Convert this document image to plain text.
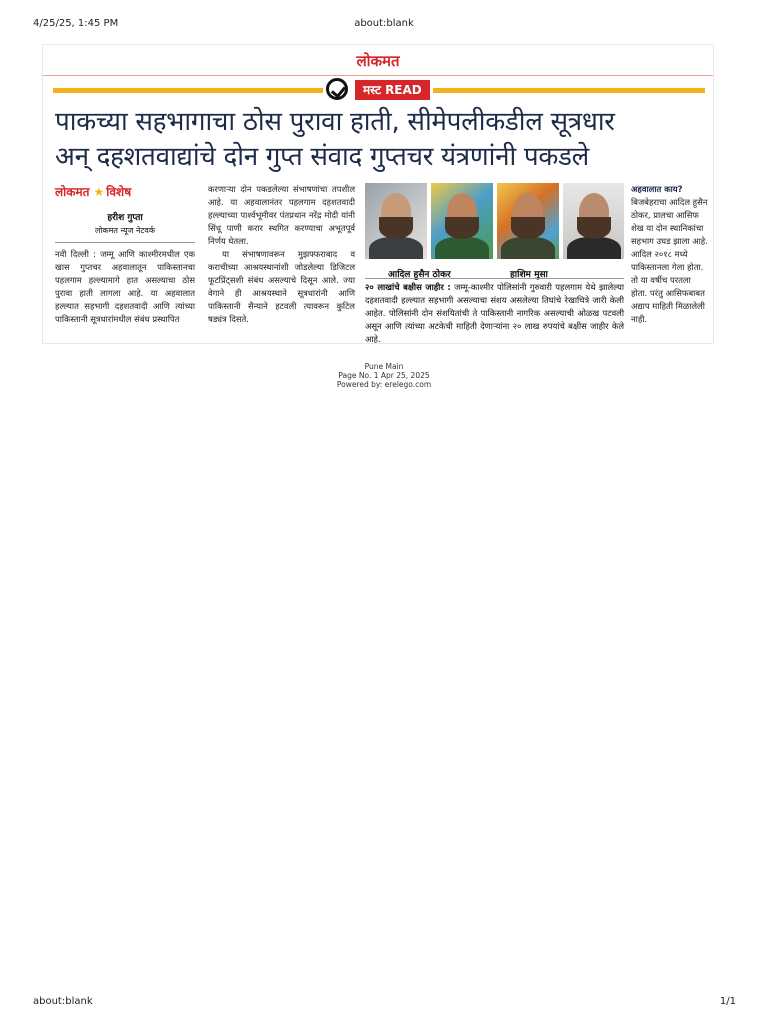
4/25/25, 1:45 PM	about:blank
लोकमत
मस्ट READ
पाकच्या सहभागाचा ठोस पुरावा हाती, सीमेपलीकडील सूत्रधार
अन् दहशतवाद्यांचे दोन गुप्त संवाद गुप्तचर यंत्रणांनी पकडले
लोकमत ★ विशेष
हरीश गुप्ता
लोकमत न्यूज नेटवर्क

नवी दिल्ली : जम्मू आणि काश्मीरमधील एक खास गुप्तचर अहवालातून पाकिस्तानचा पहलगाम हल्ल्यामागे हात असल्याचा ठोस पुरावा हाती लागला आहे. या अहवालात हल्ल्यात सहभागी दहशतवादी आणि त्यांच्या पाकिस्तानी सूत्रधारांमधील संबंध प्रस्थापित

करणाऱ्या दोन पकडलेल्या संभाषणांचा तपशील आहे. या अहवालानंतर पहलगाम दहशतवादी हल्ल्याच्या पार्श्वभूमीवर पंतप्रधान नरेंद्र मोदी यांनी सिंधू पाणी करार स्थगित करण्याचा अभूतपूर्व निर्णय घेतला.

या संभाषणावरून मुझफ्फराबाद व कराचीच्या आश्रयस्थानांशी जोडलेल्या डिजिटल फूटप्रिंट्सशी संबंध असल्याचे दिसून आले. ज्या वेगाने ही आश्रयस्थाने सूत्रधारांनी आणि पाकिस्तानी सैन्याने हटवली त्यावरून कुटिल षड्यंत्र दिसते.

आदिल हुसैन ठोकर	हाशिम मुसा
२० लाखांचे बक्षीस जाहीर : जम्मू-काश्मीर पोलिसांनी गुरुवारी पहलगाम येथे झालेल्या दहशतवादी हल्ल्यात सहभागी असल्याचा संशय असलेल्या तिघांचे रेखाचित्रे जारी केली आहेत. पोलिसांनी दोन संशयितांची ते पाकिस्तानी नागरिक असल्याची ओळख पटवली असून आणि त्यांच्या अटकेची माहिती देणाऱ्यांना २० लाख रुपयांचे बक्षीस जाहीर केले आहे.
अहवालात काय?

बिजबेहराचा आदिल हुसैन ठोकर, प्रालचा आसिफ शेख या दोन स्थानिकांचा सहभाग उघड झाला आहे. आदिल २०१८ मध्ये पाकिस्तानला गेला होता. तो या वर्षीच परतला होता. परंतु आसिफबाबत अद्याप माहिती मिळालेली नाही.

Pune Main
Page No. 1 Apr 25, 2025
Powered by: erelego.com
about:blank	1/1
